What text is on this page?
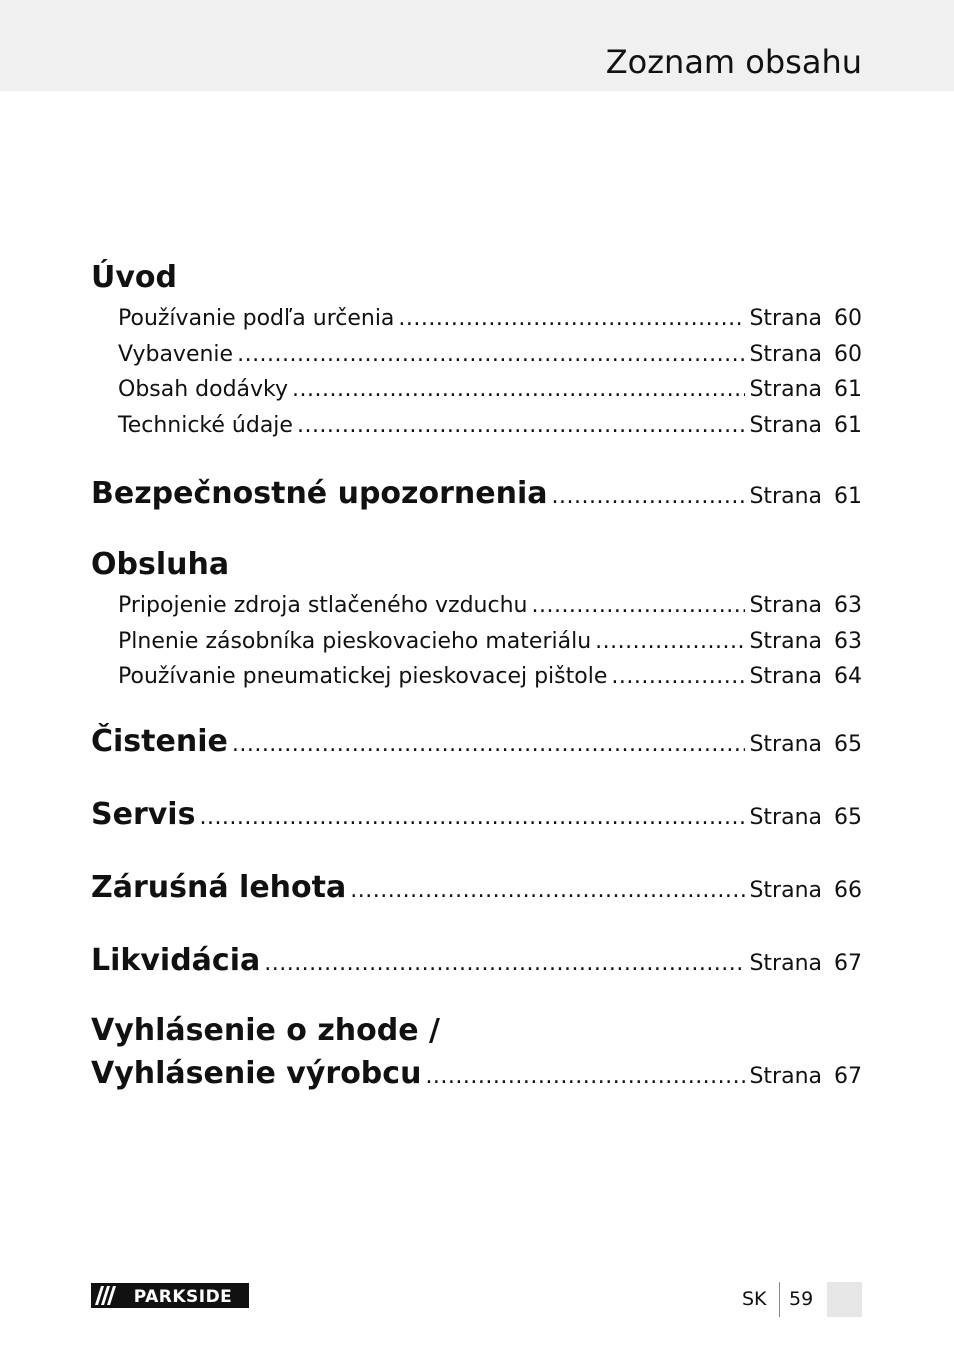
Zoznam obsahu
Úvod
Používanie podľa určenia .....	Strana 60
Vybavenie .....	Strana 60
Obsah dodávky .....	Strana 61
Technické údaje .....	Strana 61
Bezpečnostné upozornenia .....	Strana 61
Obsluha
Pripojenie zdroja stlačeného vzduchu .....	Strana 63
Plnenie zásobníka pieskovacieho materiálu .....	Strana 63
Používanie pneumatickej pieskovacej pištole .....	Strana 64
Čistenie .....	Strana 65
Servis .....	Strana 65
Záruśná lehota .....	Strana 66
Likvidácia .....	Strana 67
Vyhlásenie o zhode /
Vyhlásenie výrobcu .....	Strana 67
PARKSIDE	SK 59
